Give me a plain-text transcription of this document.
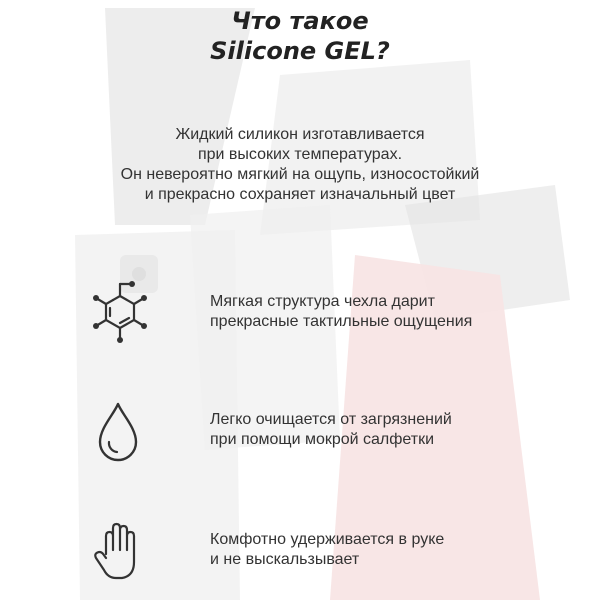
Что такое
Silicone GEL?

Жидкий силикон изготавливается
при высоких температурах.
Он невероятно мягкий на ощупь, износостойкий
и прекрасно сохраняет изначальный цвет

Мягкая структура чехла дарит
прекрасные тактильные ощущения
Легко очищается от загрязнений
при помощи мокрой салфетки
Комфотно удерживается в руке
и не выскальзывает
